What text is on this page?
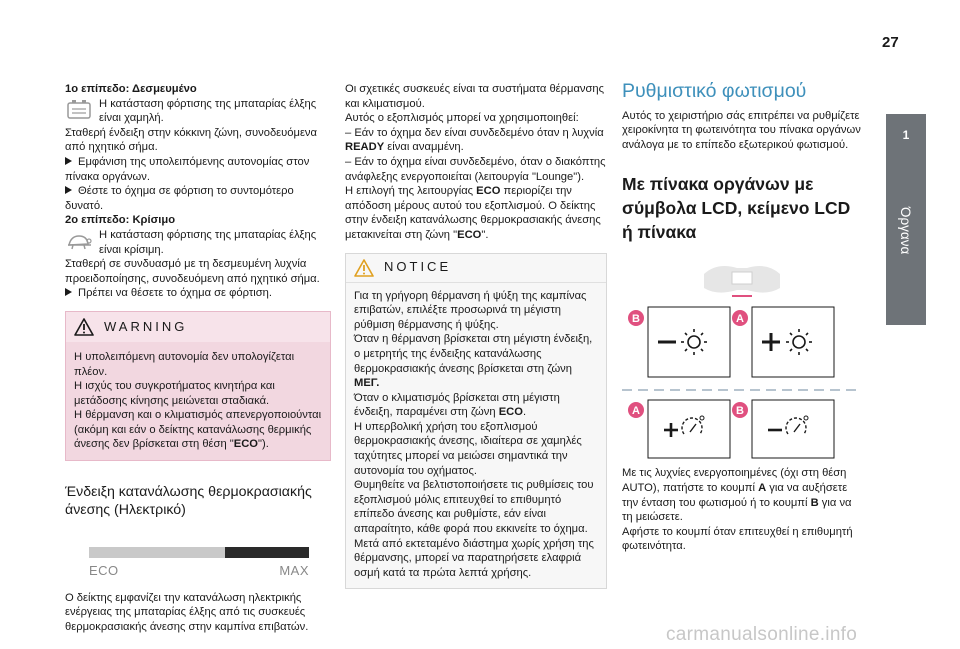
27

1ο επίπεδο: Δεσμευμένο

Η κατάσταση φόρτισης της μπαταρίας έλξης είναι χαμηλή.

Σταθερή ένδειξη στην κόκκινη ζώνη, συνοδευόμενα από ηχητικό σήμα.

Εμφάνιση της υπολειπόμενης αυτονομίας στον πίνακα οργάνων.

Θέστε το όχημα σε φόρτιση το συντομότερο δυνατό.

2ο επίπεδο: Κρίσιμο

Η κατάσταση φόρτισης της μπαταρίας έλξης είναι κρίσιμη.

Σταθερή σε συνδυασμό με τη δεσμευμένη λυχνία προειδοποίησης, συνοδευόμενη από ηχητικό σήμα.

Πρέπει να θέσετε το όχημα σε φόρτιση.

WARNING

Η υπολειπόμενη αυτονομία δεν υπολογίζεται πλέον.

Η ισχύς του συγκροτήματος κινητήρα και μετάδοσης κίνησης μειώνεται σταδιακά.

Η θέρμανση και ο κλιματισμός απενεργοποιούνται (ακόμη και εάν ο δείκτης κατανάλωσης θερμικής άνεσης δεν βρίσκεται στη θέση "ECO").

Ένδειξη κατανάλωσης θερμοκρασιακής άνεσης (Ηλεκτρικό)

ECO	MAX

Ο δείκτης εμφανίζει την κατανάλωση ηλεκτρικής ενέργειας της μπαταρίας έλξης από τις συσκευές θερμοκρασιακής άνεσης στην καμπίνα επιβατών.

Οι σχετικές συσκευές είναι τα συστήματα θέρμανσης και κλιματισμού.

Αυτός ο εξοπλισμός μπορεί να χρησιμοποιηθεί:

– Εάν το όχημα δεν είναι συνδεδεμένο όταν η λυχνία READY είναι αναμμένη.

– Εάν το όχημα είναι συνδεδεμένο, όταν ο διακόπτης ανάφλεξης ενεργοποιείται (λειτουργία "Lounge").

Η επιλογή της λειτουργίας ECO περιορίζει την απόδοση μέρους αυτού του εξοπλισμού. Ο δείκτης στην ένδειξη κατανάλωσης θερμοκρασιακής άνεσης μετακινείται στη ζώνη "ECO".

NOTICE

Για τη γρήγορη θέρμανση ή ψύξη της καμπίνας επιβατών, επιλέξτε προσωρινά τη μέγιστη ρύθμιση θέρμανσης ή ψύξης.

Όταν η θέρμανση βρίσκεται στη μέγιστη ένδειξη, ο μετρητής της ένδειξης κατανάλωσης θερμοκρασιακής άνεσης βρίσκεται στη ζώνη ΜΕΓ.

Όταν ο κλιματισμός βρίσκεται στη μέγιστη ένδειξη, παραμένει στη ζώνη ECO.

Η υπερβολική χρήση του εξοπλισμού θερμοκρασιακής άνεσης, ιδιαίτερα σε χαμηλές ταχύτητες μπορεί να μειώσει σημαντικά την αυτονομία του οχήματος.

Θυμηθείτε να βελτιστοποιήσετε τις ρυθμίσεις του εξοπλισμού μόλις επιτευχθεί το επιθυμητό επίπεδο άνεσης και ρυθμίστε, εάν είναι απαραίτητο, κάθε φορά που εκκινείτε το όχημα.

Μετά από εκτεταμένο διάστημα χωρίς χρήση της θέρμανσης, μπορεί να παρατηρήσετε ελαφριά οσμή κατά τα πρώτα λεπτά χρήσης.

Ρυθμιστικό φωτισμού

Αυτός το χειριστήριο σάς επιτρέπει να ρυθμίζετε χειροκίνητα τη φωτεινότητα του πίνακα οργάνων ανάλογα με το επίπεδο εξωτερικού φωτισμού.

Με πίνακα οργάνων με σύμβολα LCD, κείμενο LCD ή πίνακα

B	A
A	B

Με τις λυχνίες ενεργοποιημένες (όχι στη θέση AUTO), πατήστε το κουμπί A για να αυξήσετε την ένταση του φωτισμού ή το κουμπί B για να τη μειώσετε.

Αφήστε το κουμπί όταν επιτευχθεί η επιθυμητή φωτεινότητα.

1
Όργανα
carmanualsonline.info
